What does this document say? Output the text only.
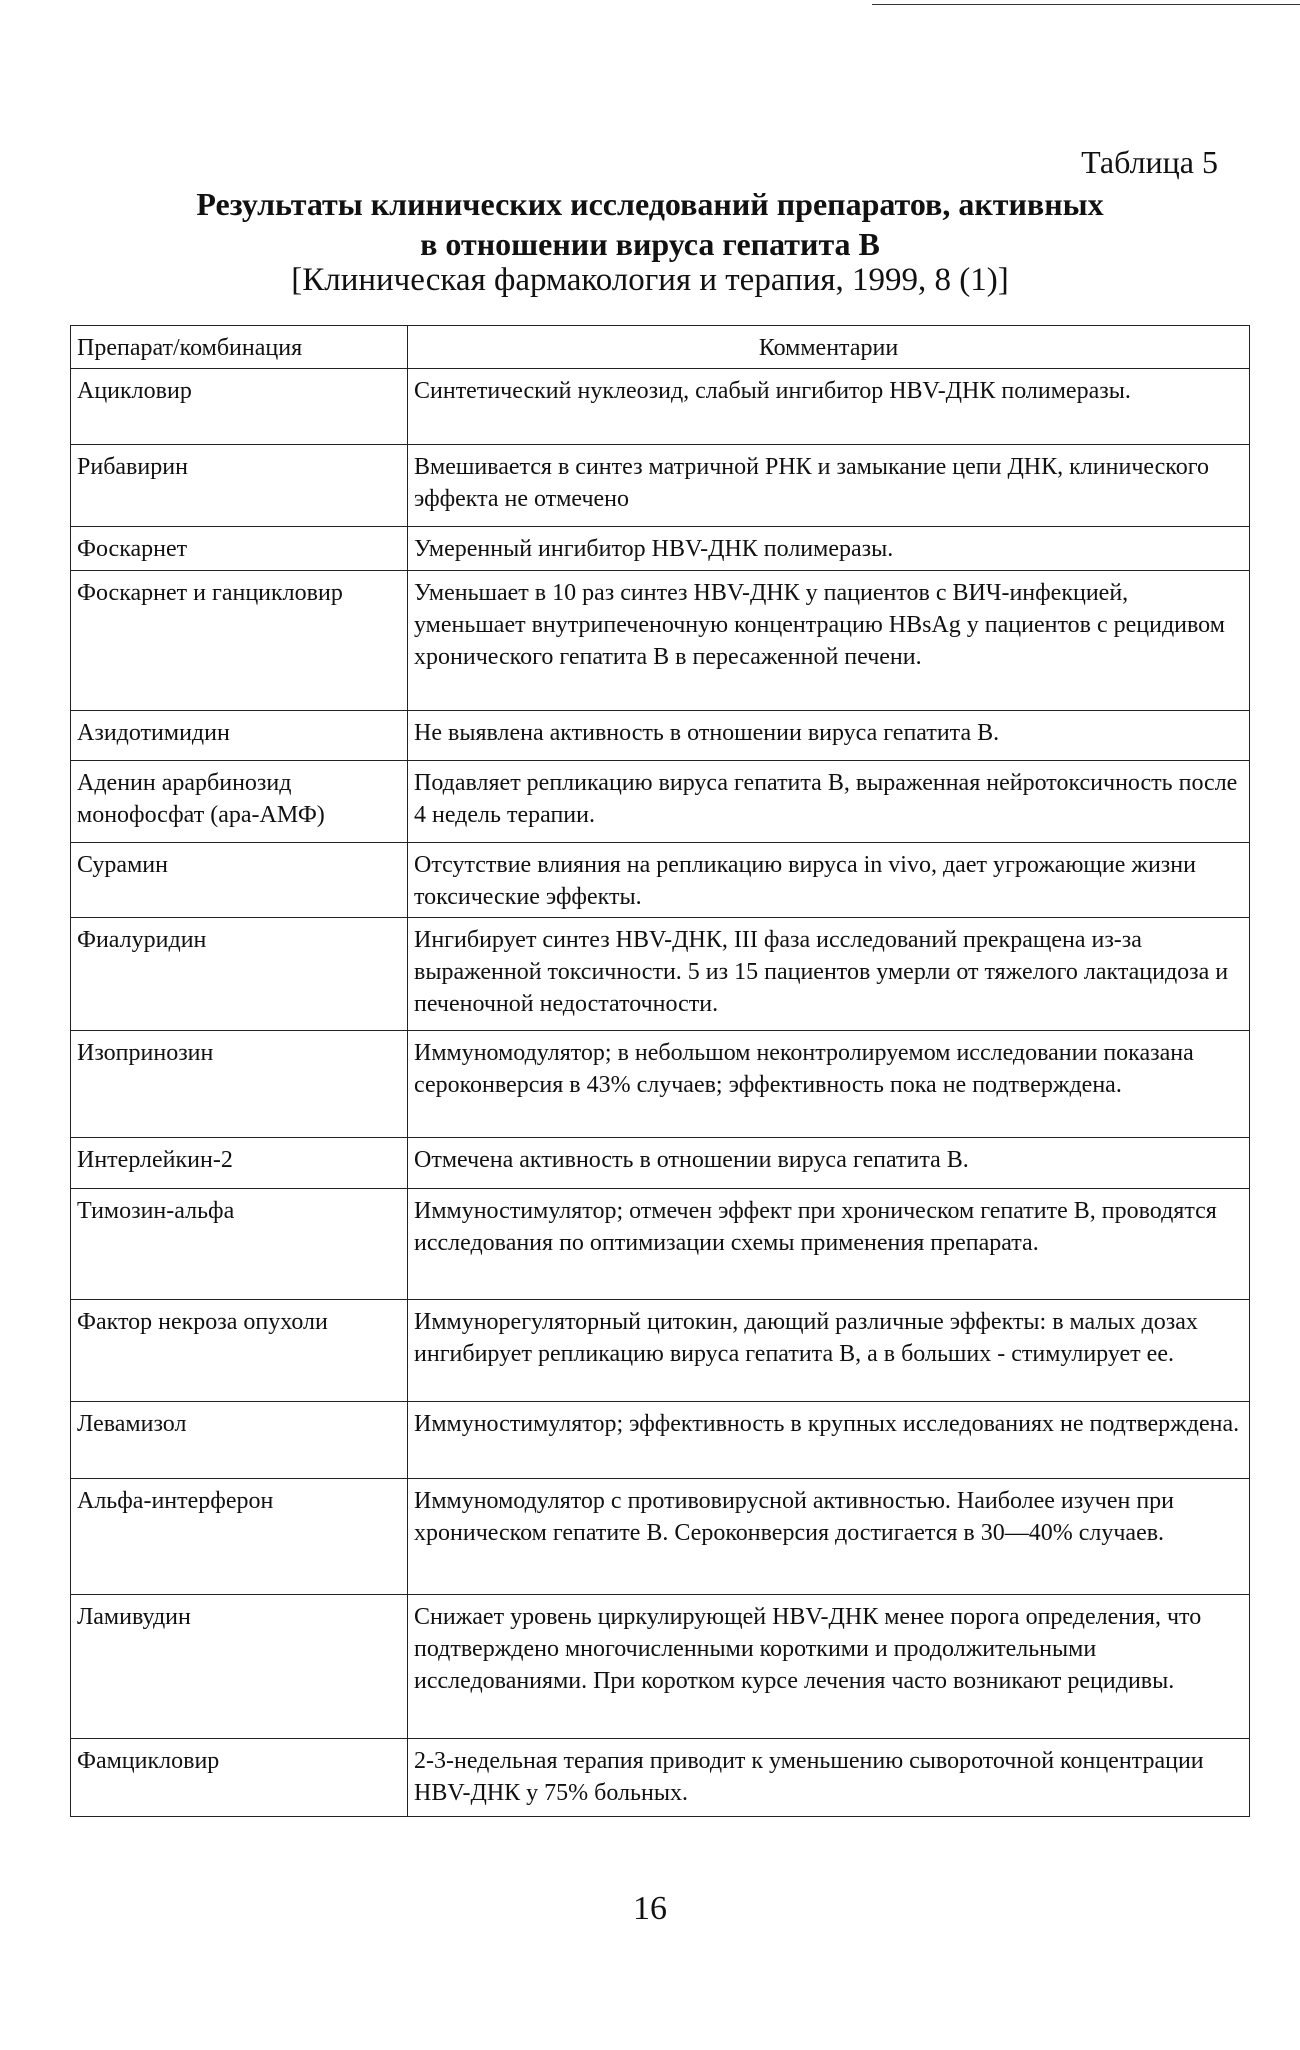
Таблица 5
Результаты клинических исследований препаратов, активных
в отношении вируса гепатита В
[Клиническая фармакология и терапия, 1999, 8 (1)]
Препарат/комбинация	Комментарии
Ацикловир	Синтетический нуклеозид, слабый ингибитор HBV-ДНК полимеразы.
Рибавирин	Вмешивается в синтез матричной РНК и замыкание цепи ДНК, клинического эффекта не отмечено
Фоскарнет	Умеренный ингибитор HBV-ДНК полимеразы.
Фоскарнет и ганцикловир	Уменьшает в 10 раз синтез HBV-ДНК у пациентов с ВИЧ-инфекцией, уменьшает внутрипеченочную концентрацию HBsAg у пациентов с рецидивом хронического гепатита В в пересаженной печени.
Азидотимидин	Не выявлена активность в отношении вируса гепатита В.
Аденин арарбинозид монофосфат (ара-АМФ)	Подавляет репликацию вируса гепатита В, выраженная нейротоксичность после 4 недель терапии.
Сурамин	Отсутствие влияния на репликацию вируса in vivo, дает угрожающие жизни токсические эффекты.
Фиалуридин	Ингибирует синтез HBV-ДНК, III фаза исследований прекращена из-за выраженной токсичности. 5 из 15 пациентов умерли от тяжелого лактацидоза и печеночной недостаточности.
Изопринозин	Иммуномодулятор; в небольшом неконтролируемом исследовании показана сероконверсия в 43% случаев; эффективность пока не подтверждена.
Интерлейкин-2	Отмечена активность в отношении вируса гепатита В.
Тимозин-альфа	Иммуностимулятор; отмечен эффект при хроническом гепатите В, проводятся исследования по оптимизации схемы применения препарата.
Фактор некроза опухоли	Иммунорегуляторный цитокин, дающий различные эффекты: в малых дозах ингибирует репликацию вируса гепатита В, а в больших - стимулирует ее.
Левамизол	Иммуностимулятор; эффективность в крупных исследованиях не подтверждена.
Альфа-интерферон	Иммуномодулятор с противовирусной активностью. Наиболее изучен при хроническом гепатите В. Сероконверсия достигается в 30—40% случаев.
Ламивудин	Снижает уровень циркулирующей HBV-ДНК менее порога определения, что подтверждено многочисленными короткими и продолжительными исследованиями. При коротком курсе лечения часто возникают рецидивы.
Фамцикловир	2-3-недельная терапия приводит к уменьшению сывороточной концентрации HBV-ДНК у 75% больных.
16
